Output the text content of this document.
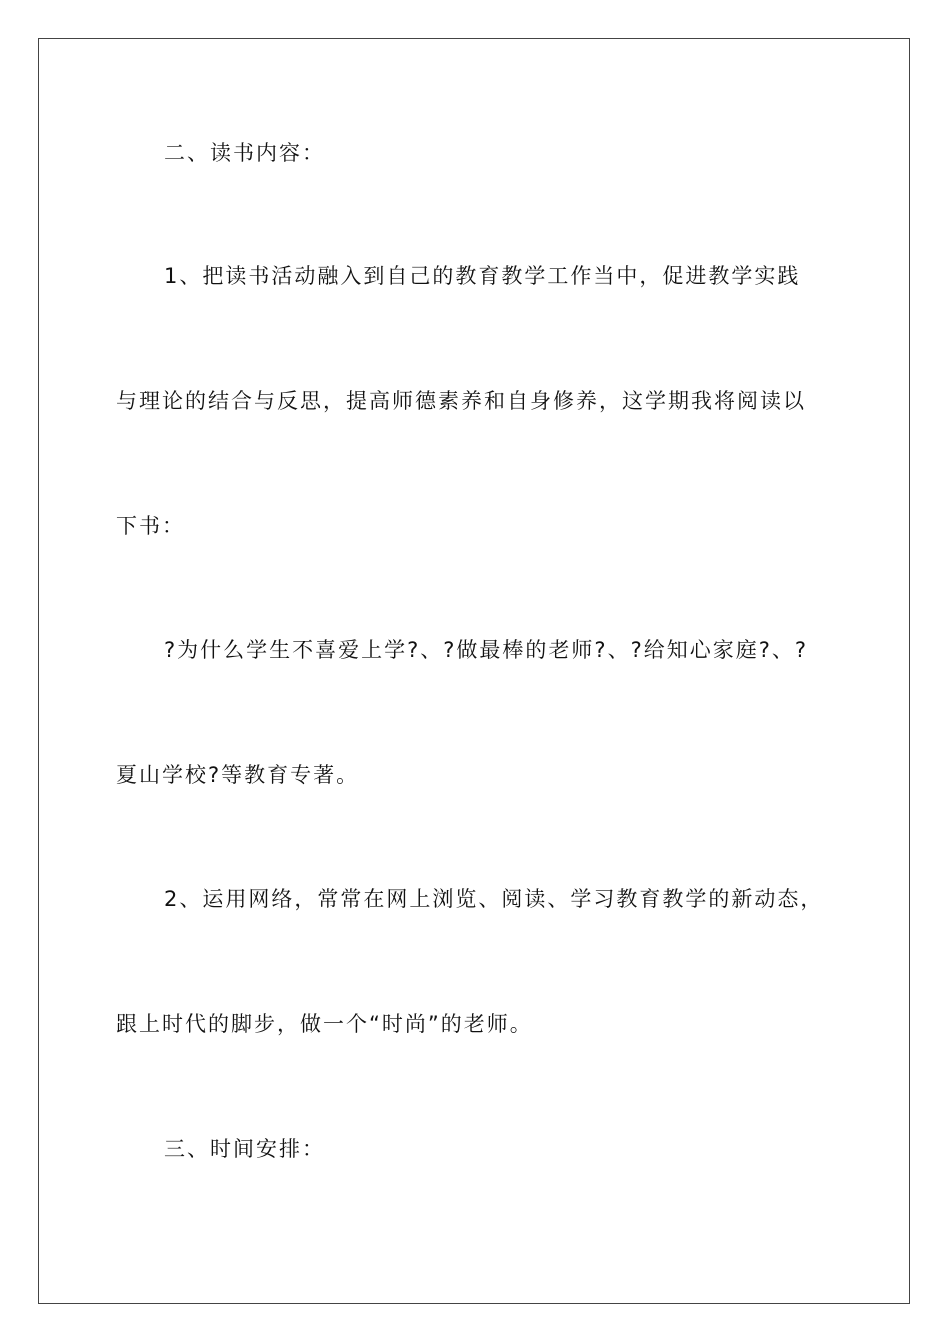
二、读书内容：
1、把读书活动融入到自己的教育教学工作当中，促进教学实践
与理论的结合与反思，提高师德素养和自身修养，这学期我将阅读以
下书：
?为什么学生不喜爱上学?、?做最棒的老师?、?给知心家庭?、?
夏山学校?等教育专著。
2、运用网络，常常在网上浏览、阅读、学习教育教学的新动态，
跟上时代的脚步，做一个“时尚”的老师。
三、时间安排：
